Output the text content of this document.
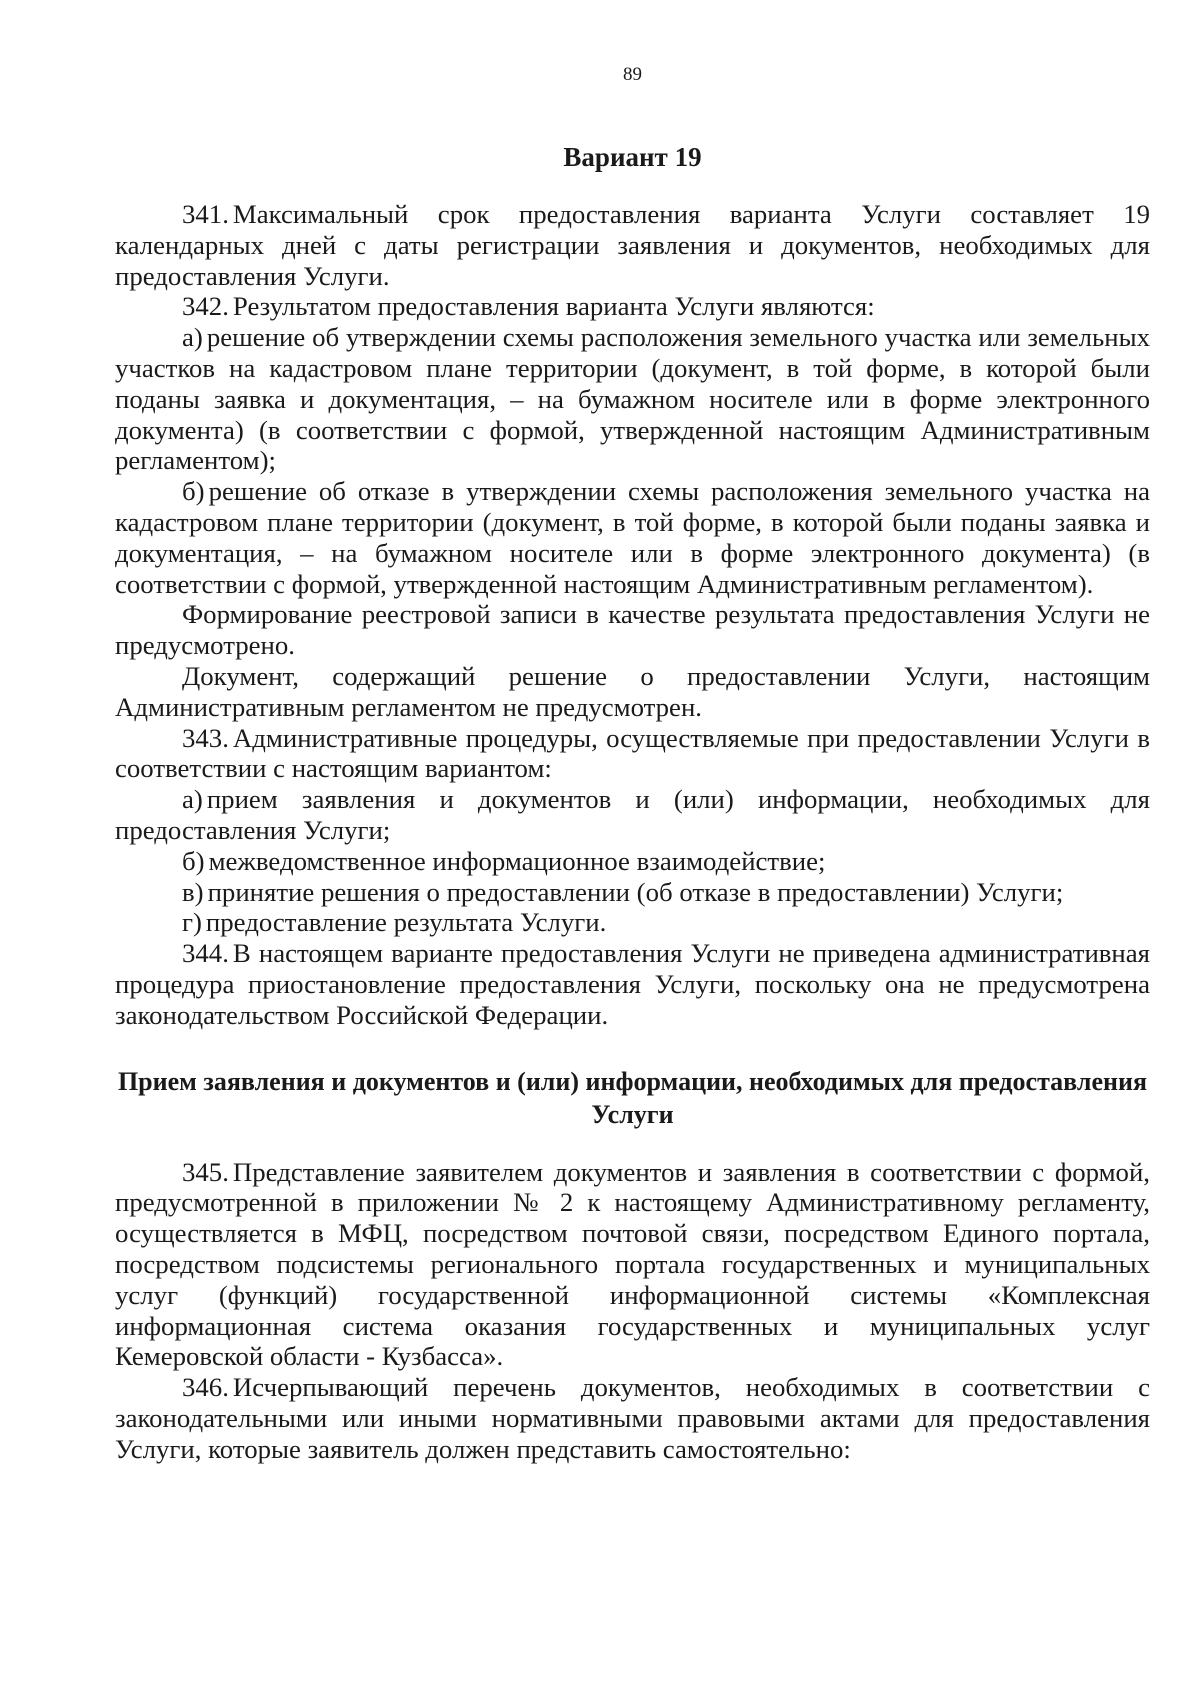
89
Вариант 19

341. Максимальный срок предоставления варианта Услуги составляет 19 календарных дней с даты регистрации заявления и документов, необходимых для предоставления Услуги.

342. Результатом предоставления варианта Услуги являются:

а) решение об утверждении схемы расположения земельного участка или земельных участков на кадастровом плане территории (документ, в той форме, в которой были поданы заявка и документация, – на бумажном носителе или в форме электронного документа) (в соответствии с формой, утвержденной настоящим Административным регламентом);

б) решение об отказе в утверждении схемы расположения земельного участка на кадастровом плане территории (документ, в той форме, в которой были поданы заявка и документация, – на бумажном носителе или в форме электронного документа) (в соответствии с формой, утвержденной настоящим Административным регламентом).

Формирование реестровой записи в качестве результата предоставления Услуги не предусмотрено.

Документ, содержащий решение о предоставлении Услуги, настоящим Административным регламентом не предусмотрен.

343. Административные процедуры, осуществляемые при предоставлении Услуги в соответствии с настоящим вариантом:

а) прием заявления и документов и (или) информации, необходимых для предоставления Услуги;

б) межведомственное информационное взаимодействие;

в) принятие решения о предоставлении (об отказе в предоставлении) Услуги;

г) предоставление результата Услуги.

344. В настоящем варианте предоставления Услуги не приведена административная процедура приостановление предоставления Услуги, поскольку она не предусмотрена законодательством Российской Федерации.

Прием заявления и документов и (или) информации, необходимых для предоставления Услуги

345. Представление заявителем документов и заявления в соответствии с формой, предусмотренной в приложении № 2 к настоящему Административному регламенту, осуществляется в МФЦ, посредством почтовой связи, посредством Единого портала, посредством подсистемы регионального портала государственных и муниципальных услуг (функций) государственной информационной системы «Комплексная информационная система оказания государственных и муниципальных услуг Кемеровской области - Кузбасса».

346. Исчерпывающий перечень документов, необходимых в соответствии с законодательными или иными нормативными правовыми актами для предоставления Услуги, которые заявитель должен представить самостоятельно:
